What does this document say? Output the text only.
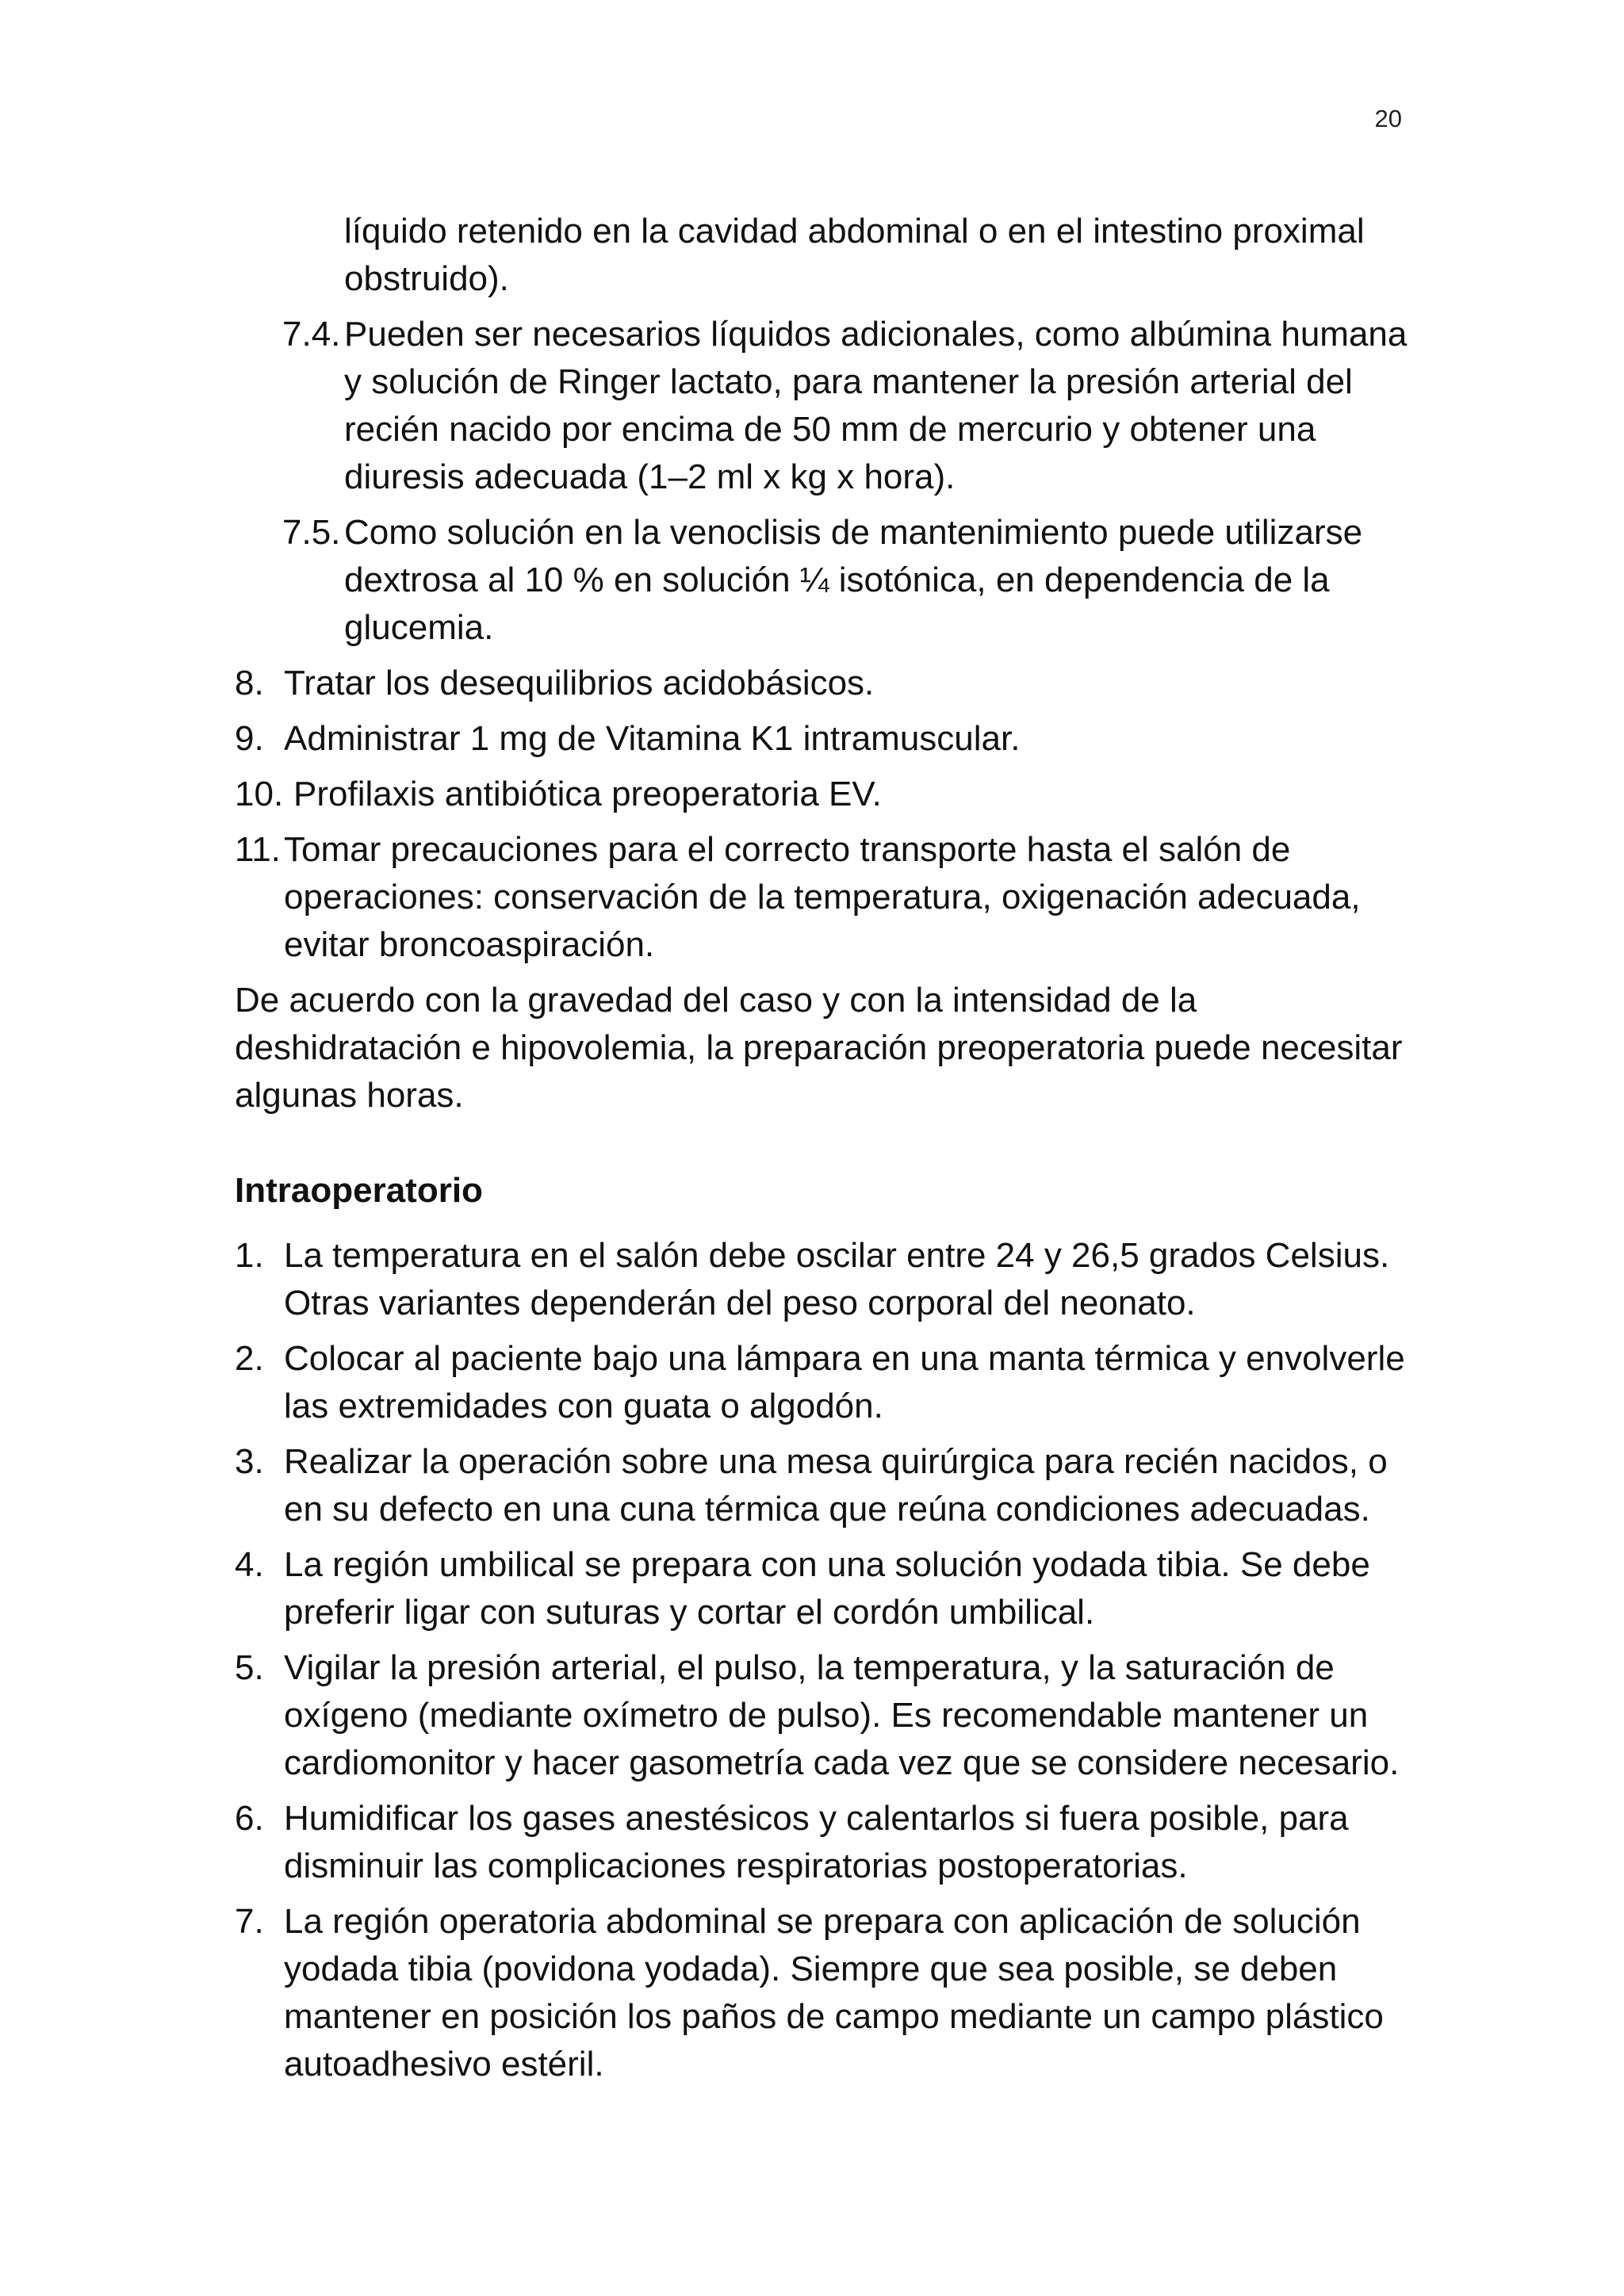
20
líquido retenido en la cavidad abdominal o en el intestino proximal obstruido).
7.4. Pueden ser necesarios líquidos adicionales, como albúmina humana y solución de Ringer lactato, para mantener la presión arterial del recién nacido por encima de 50 mm de mercurio y obtener una diuresis adecuada (1–2 ml x kg x hora).
7.5. Como solución en la venoclisis de mantenimiento puede utilizarse dextrosa al 10 % en solución ¼ isotónica, en dependencia de la glucemia.
8. Tratar los desequilibrios acidobásicos.
9. Administrar 1 mg de Vitamina K1 intramuscular.
10. Profilaxis antibiótica preoperatoria EV.
11. Tomar precauciones para el correcto transporte hasta el salón de operaciones: conservación de la temperatura, oxigenación adecuada, evitar broncoaspiración.
De acuerdo con la gravedad del caso y con la intensidad de la deshidratación e hipovolemia, la preparación preoperatoria puede necesitar algunas horas.
Intraoperatorio
1. La temperatura en el salón debe oscilar entre 24 y 26,5 grados Celsius. Otras variantes dependerán del peso corporal del neonato.
2. Colocar al paciente bajo una lámpara en una manta térmica y envolverle las extremidades con guata o algodón.
3. Realizar la operación sobre una mesa quirúrgica para recién nacidos, o en su defecto en una cuna térmica que reúna condiciones adecuadas.
4. La región umbilical se prepara con una solución yodada tibia. Se debe preferir ligar con suturas y cortar el cordón umbilical.
5. Vigilar la presión arterial, el pulso, la temperatura, y la saturación de oxígeno (mediante oxímetro de pulso). Es recomendable mantener un cardiomonitor y hacer gasometría cada vez que se considere necesario.
6. Humidificar los gases anestésicos y calentarlos si fuera posible, para disminuir las complicaciones respiratorias postoperatorias.
7. La región operatoria abdominal se prepara con aplicación de solución yodada tibia (povidona yodada). Siempre que sea posible, se deben mantener en posición los paños de campo mediante un campo plástico autoadhesivo estéril.
